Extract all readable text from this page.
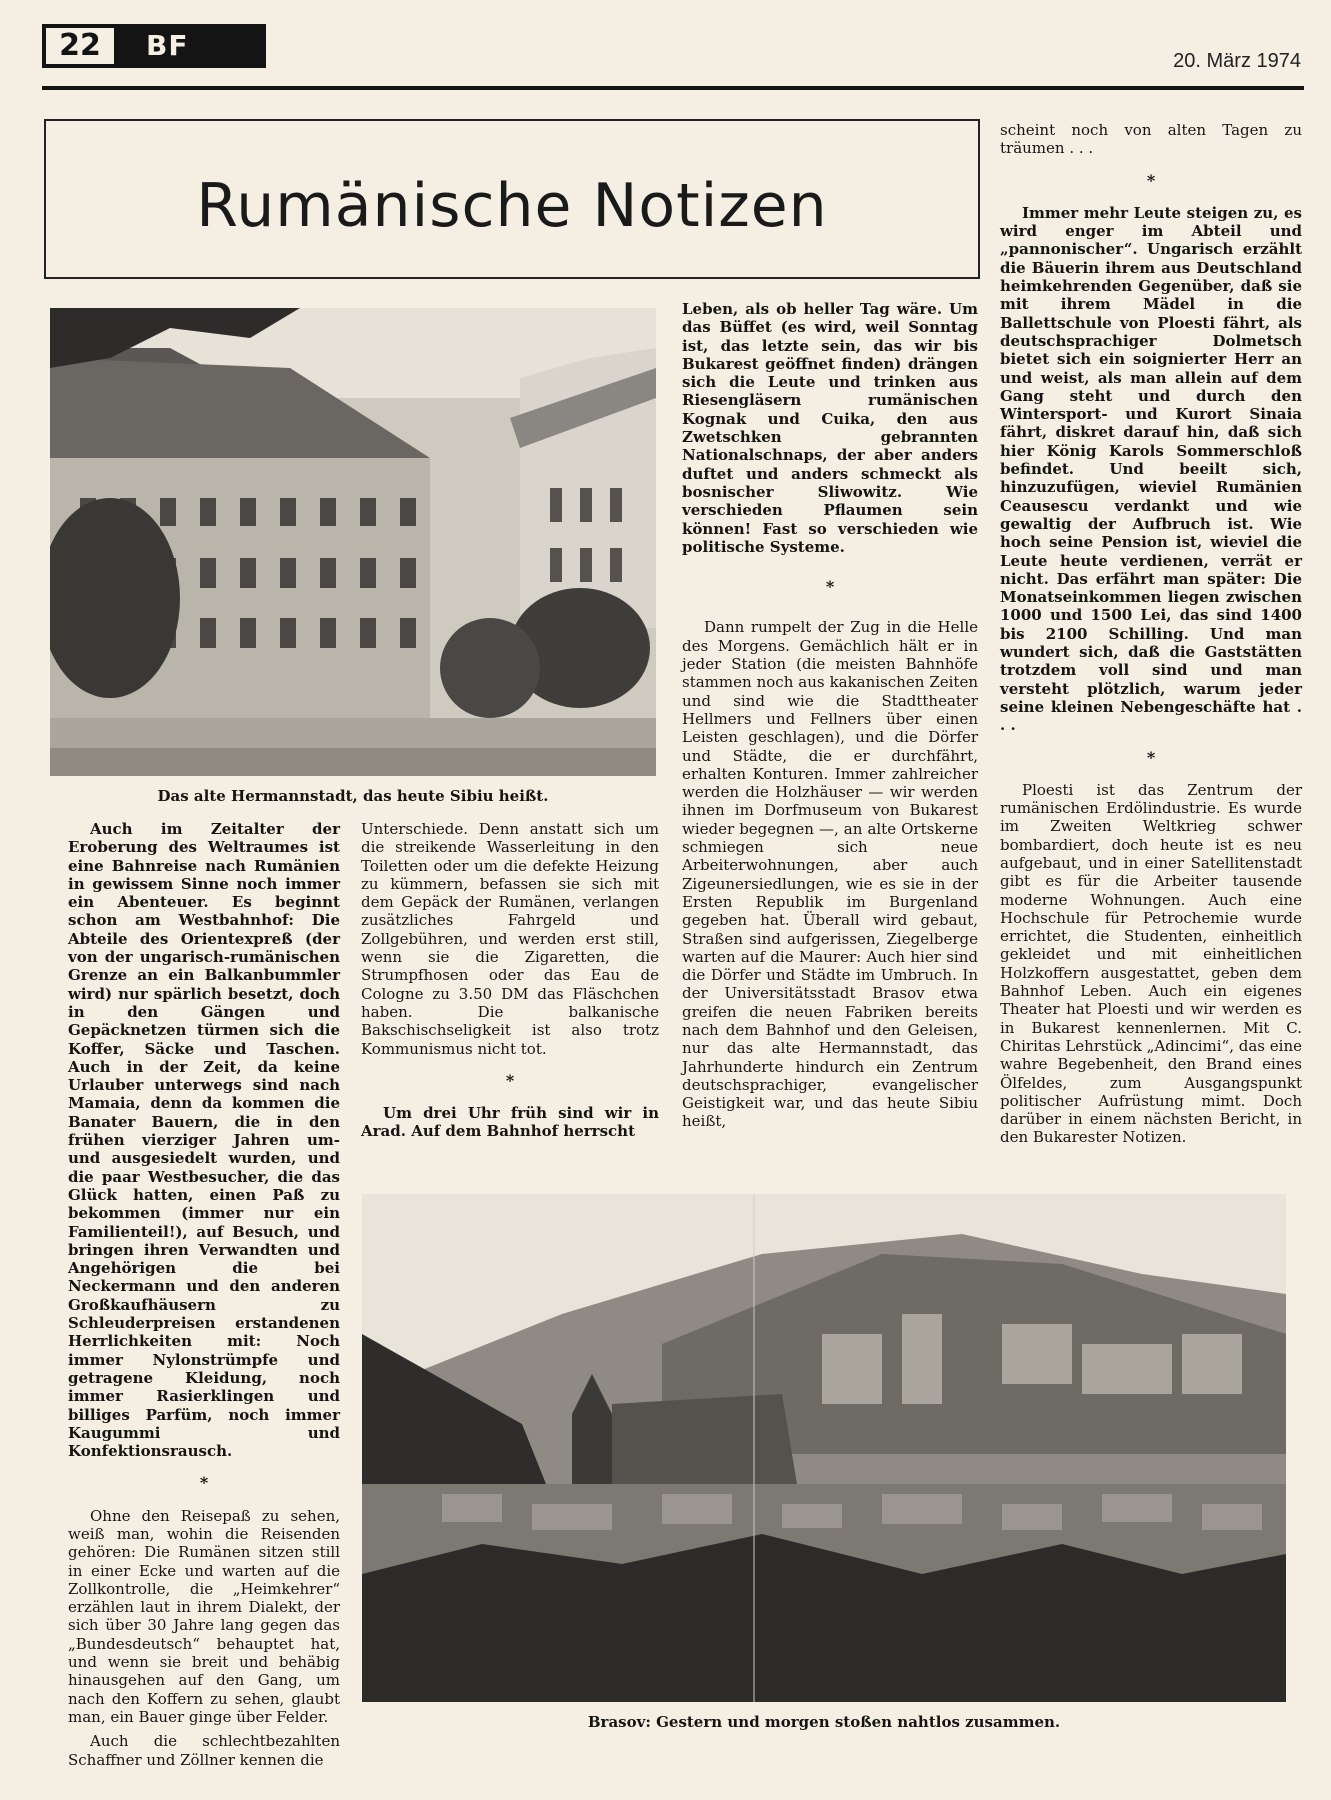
22	BF	20. März 1974
Rumänische Notizen
Das alte Hermannstadt, das heute Sibiu heißt.

Auch im Zeitalter der Eroberung des Weltraumes ist eine Bahnreise nach Rumänien in gewissem Sinne noch immer ein Abenteuer. Es beginnt schon am Westbahnhof: Die Abteile des Orientexpreß (der von der ungarisch-rumänischen Grenze an ein Balkanbummler wird) nur spärlich besetzt, doch in den Gängen und Gepäcknetzen türmen sich die Koffer, Säcke und Taschen. Auch in der Zeit, da keine Urlauber unterwegs sind nach Mamaia, denn da kommen die Banater Bauern, die in den frühen vierziger Jahren um- und ausgesiedelt wurden, und die paar Westbesucher, die das Glück hatten, einen Paß zu bekommen (immer nur ein Familienteil!), auf Besuch, und bringen ihren Verwandten und Angehörigen die bei Neckermann und den anderen Großkaufhäusern zu Schleuderpreisen erstandenen Herrlichkeiten mit: Noch immer Nylonstrümpfe und getragene Kleidung, noch immer Rasierklingen und billiges Parfüm, noch immer Kaugummi und Konfektionsrausch.

*

Ohne den Reisepaß zu sehen, weiß man, wohin die Reisenden gehören: Die Rumänen sitzen still in einer Ecke und warten auf die Zollkontrolle, die „Heimkehrer“ erzählen laut in ihrem Dialekt, der sich über 30 Jahre lang gegen das „Bundesdeutsch“ behauptet hat, und wenn sie breit und behäbig hinausgehen auf den Gang, um nach den Koffern zu sehen, glaubt man, ein Bauer ginge über Felder.

Auch die schlechtbezahlten Schaffner und Zöllner kennen die

Unterschiede. Denn anstatt sich um die streikende Wasserleitung in den Toiletten oder um die defekte Heizung zu kümmern, befassen sie sich mit dem Gepäck der Rumänen, verlangen zusätzliches Fahrgeld und Zollgebühren, und werden erst still, wenn sie die Zigaretten, die Strumpfhosen oder das Eau de Cologne zu 3.50 DM das Fläschchen haben. Die balkanische Bakschischseligkeit ist also trotz Kommunismus nicht tot.

*

Um drei Uhr früh sind wir in Arad. Auf dem Bahnhof herrscht

Leben, als ob heller Tag wäre. Um das Büffet (es wird, weil Sonntag ist, das letzte sein, das wir bis Bukarest geöffnet finden) drängen sich die Leute und trinken aus Riesengläsern rumänischen Kognak und Cuika, den aus Zwetschken gebrannten Nationalschnaps, der aber anders duftet und anders schmeckt als bosnischer Sliwowitz. Wie verschieden Pflaumen sein können! Fast so verschieden wie politische Systeme.

*

Dann rumpelt der Zug in die Helle des Morgens. Gemächlich hält er in jeder Station (die meisten Bahnhöfe stammen noch aus kakanischen Zeiten und sind wie die Stadttheater Hellmers und Fellners über einen Leisten geschlagen), und die Dörfer und Städte, die er durchfährt, erhalten Konturen. Immer zahlreicher werden die Holzhäuser — wir werden ihnen im Dorfmuseum von Bukarest wieder begegnen —, an alte Ortskerne schmiegen sich neue Arbeiterwohnungen, aber auch Zigeunersiedlungen, wie es sie in der Ersten Republik im Burgenland gegeben hat. Überall wird gebaut, Straßen sind aufgerissen, Ziegelberge warten auf die Maurer: Auch hier sind die Dörfer und Städte im Umbruch. In der Universitätsstadt Brasov etwa greifen die neuen Fabriken bereits nach dem Bahnhof und den Geleisen, nur das alte Hermannstadt, das Jahrhunderte hindurch ein Zentrum deutschsprachiger, evangelischer Geistigkeit war, und das heute Sibiu heißt,

scheint noch von alten Tagen zu träumen . . .

*

Immer mehr Leute steigen zu, es wird enger im Abteil und „pannonischer“. Ungarisch erzählt die Bäuerin ihrem aus Deutschland heimkehrenden Gegenüber, daß sie mit ihrem Mädel in die Ballettschule von Ploesti fährt, als deutschsprachiger Dolmetsch bietet sich ein soignierter Herr an und weist, als man allein auf dem Gang steht und durch den Wintersport- und Kurort Sinaia fährt, diskret darauf hin, daß sich hier König Karols Sommerschloß befindet. Und beeilt sich, hinzuzufügen, wieviel Rumänien Ceausescu verdankt und wie gewaltig der Aufbruch ist. Wie hoch seine Pension ist, wieviel die Leute heute verdienen, verrät er nicht. Das erfährt man später: Die Monatseinkommen liegen zwischen 1000 und 1500 Lei, das sind 1400 bis 2100 Schilling. Und man wundert sich, daß die Gaststätten trotzdem voll sind und man versteht plötzlich, warum jeder seine kleinen Nebengeschäfte hat . . .

*

Ploesti ist das Zentrum der rumänischen Erdölindustrie. Es wurde im Zweiten Weltkrieg schwer bombardiert, doch heute ist es neu aufgebaut, und in einer Satellitenstadt gibt es für die Arbeiter tausende moderne Wohnungen. Auch eine Hochschule für Petrochemie wurde errichtet, die Studenten, einheitlich gekleidet und mit einheitlichen Holzkoffern ausgestattet, geben dem Bahnhof Leben. Auch ein eigenes Theater hat Ploesti und wir werden es in Bukarest kennenlernen. Mit C. Chiritas Lehrstück „Adincimi“, das eine wahre Begebenheit, den Brand eines Ölfeldes, zum Ausgangspunkt politischer Aufrüstung mimt. Doch darüber in einem nächsten Bericht, in den Bukarester Notizen.

Brasov: Gestern und morgen stoßen nahtlos zusammen.
